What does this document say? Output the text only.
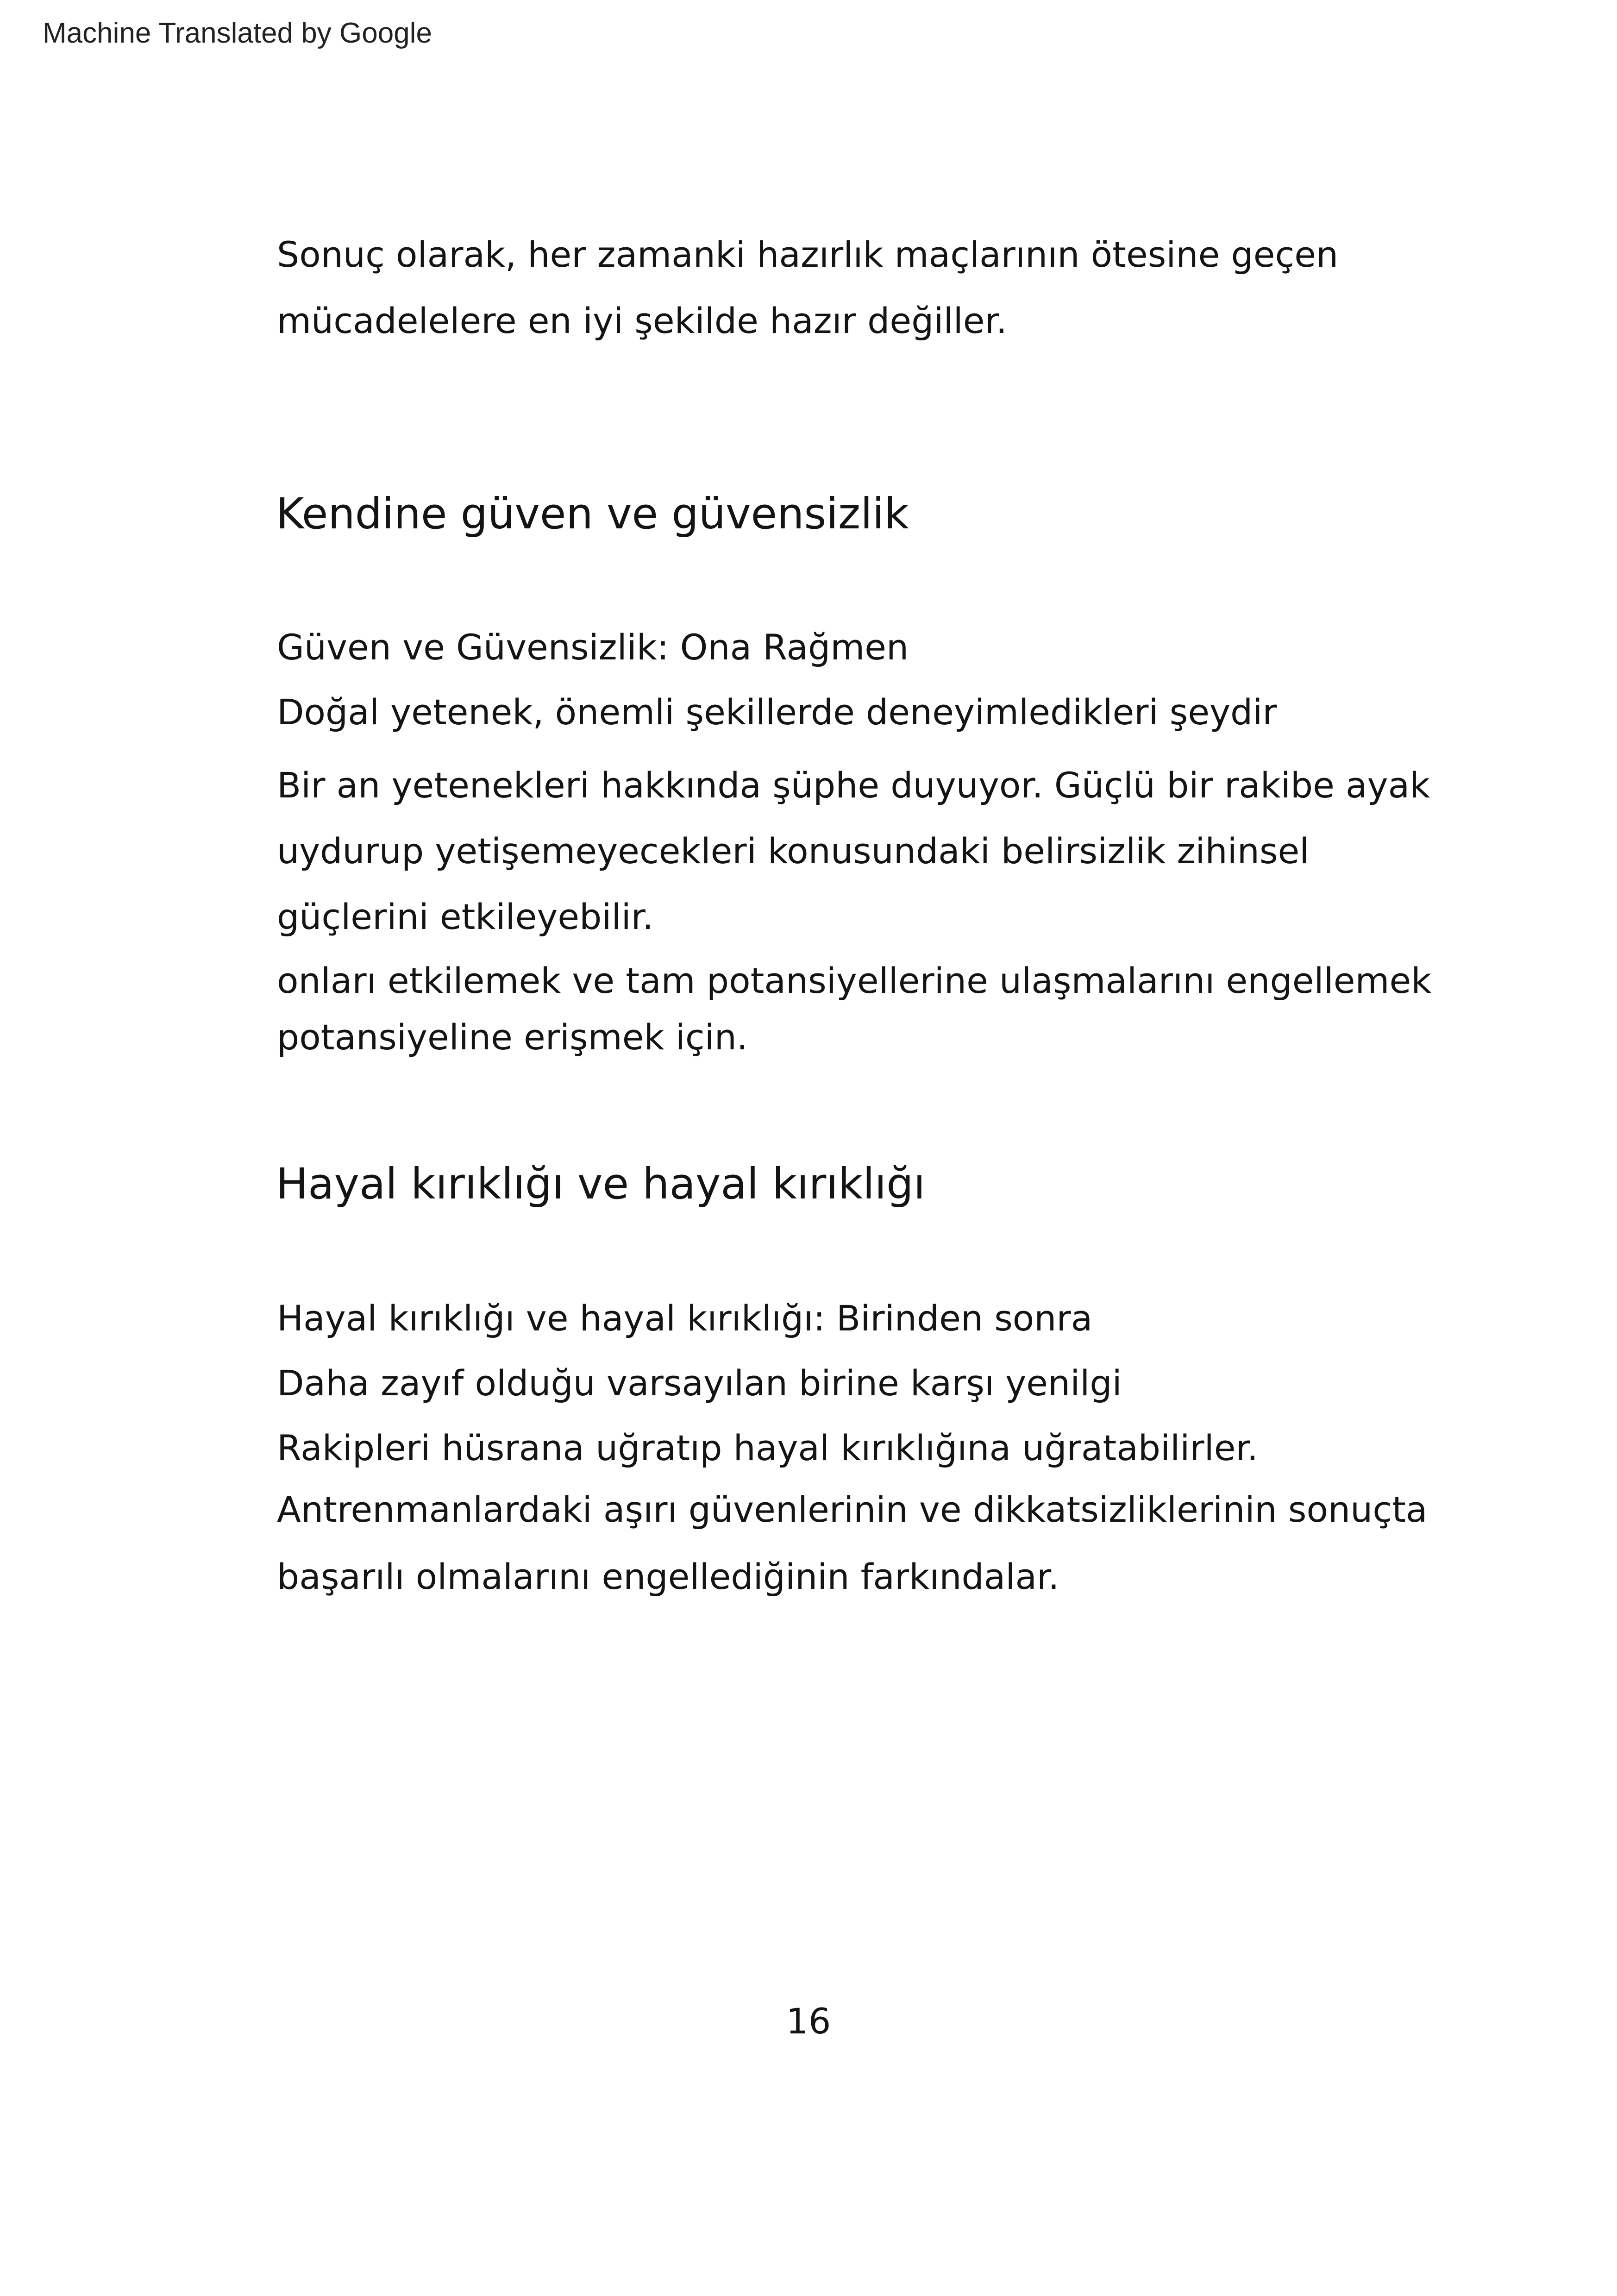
Machine Translated by Google
Sonuç olarak, her zamanki hazırlık maçlarının ötesine geçen
mücadelelere en iyi şekilde hazır değiller.
Kendine güven ve güvensizlik
Güven ve Güvensizlik: Ona Rağmen
Doğal yetenek, önemli şekillerde deneyimledikleri şeydir
Bir an yetenekleri hakkında şüphe duyuyor. Güçlü bir rakibe ayak
uydurup yetişemeyecekleri konusundaki belirsizlik zihinsel
güçlerini etkileyebilir.
onları etkilemek ve tam potansiyellerine ulaşmalarını engellemek
potansiyeline erişmek için.
Hayal kırıklığı ve hayal kırıklığı
Hayal kırıklığı ve hayal kırıklığı: Birinden sonra
Daha zayıf olduğu varsayılan birine karşı yenilgi
Rakipleri hüsrana uğratıp hayal kırıklığına uğratabilirler.
Antrenmanlardaki aşırı güvenlerinin ve dikkatsizliklerinin sonuçta
başarılı olmalarını engellediğinin farkındalar.
16
